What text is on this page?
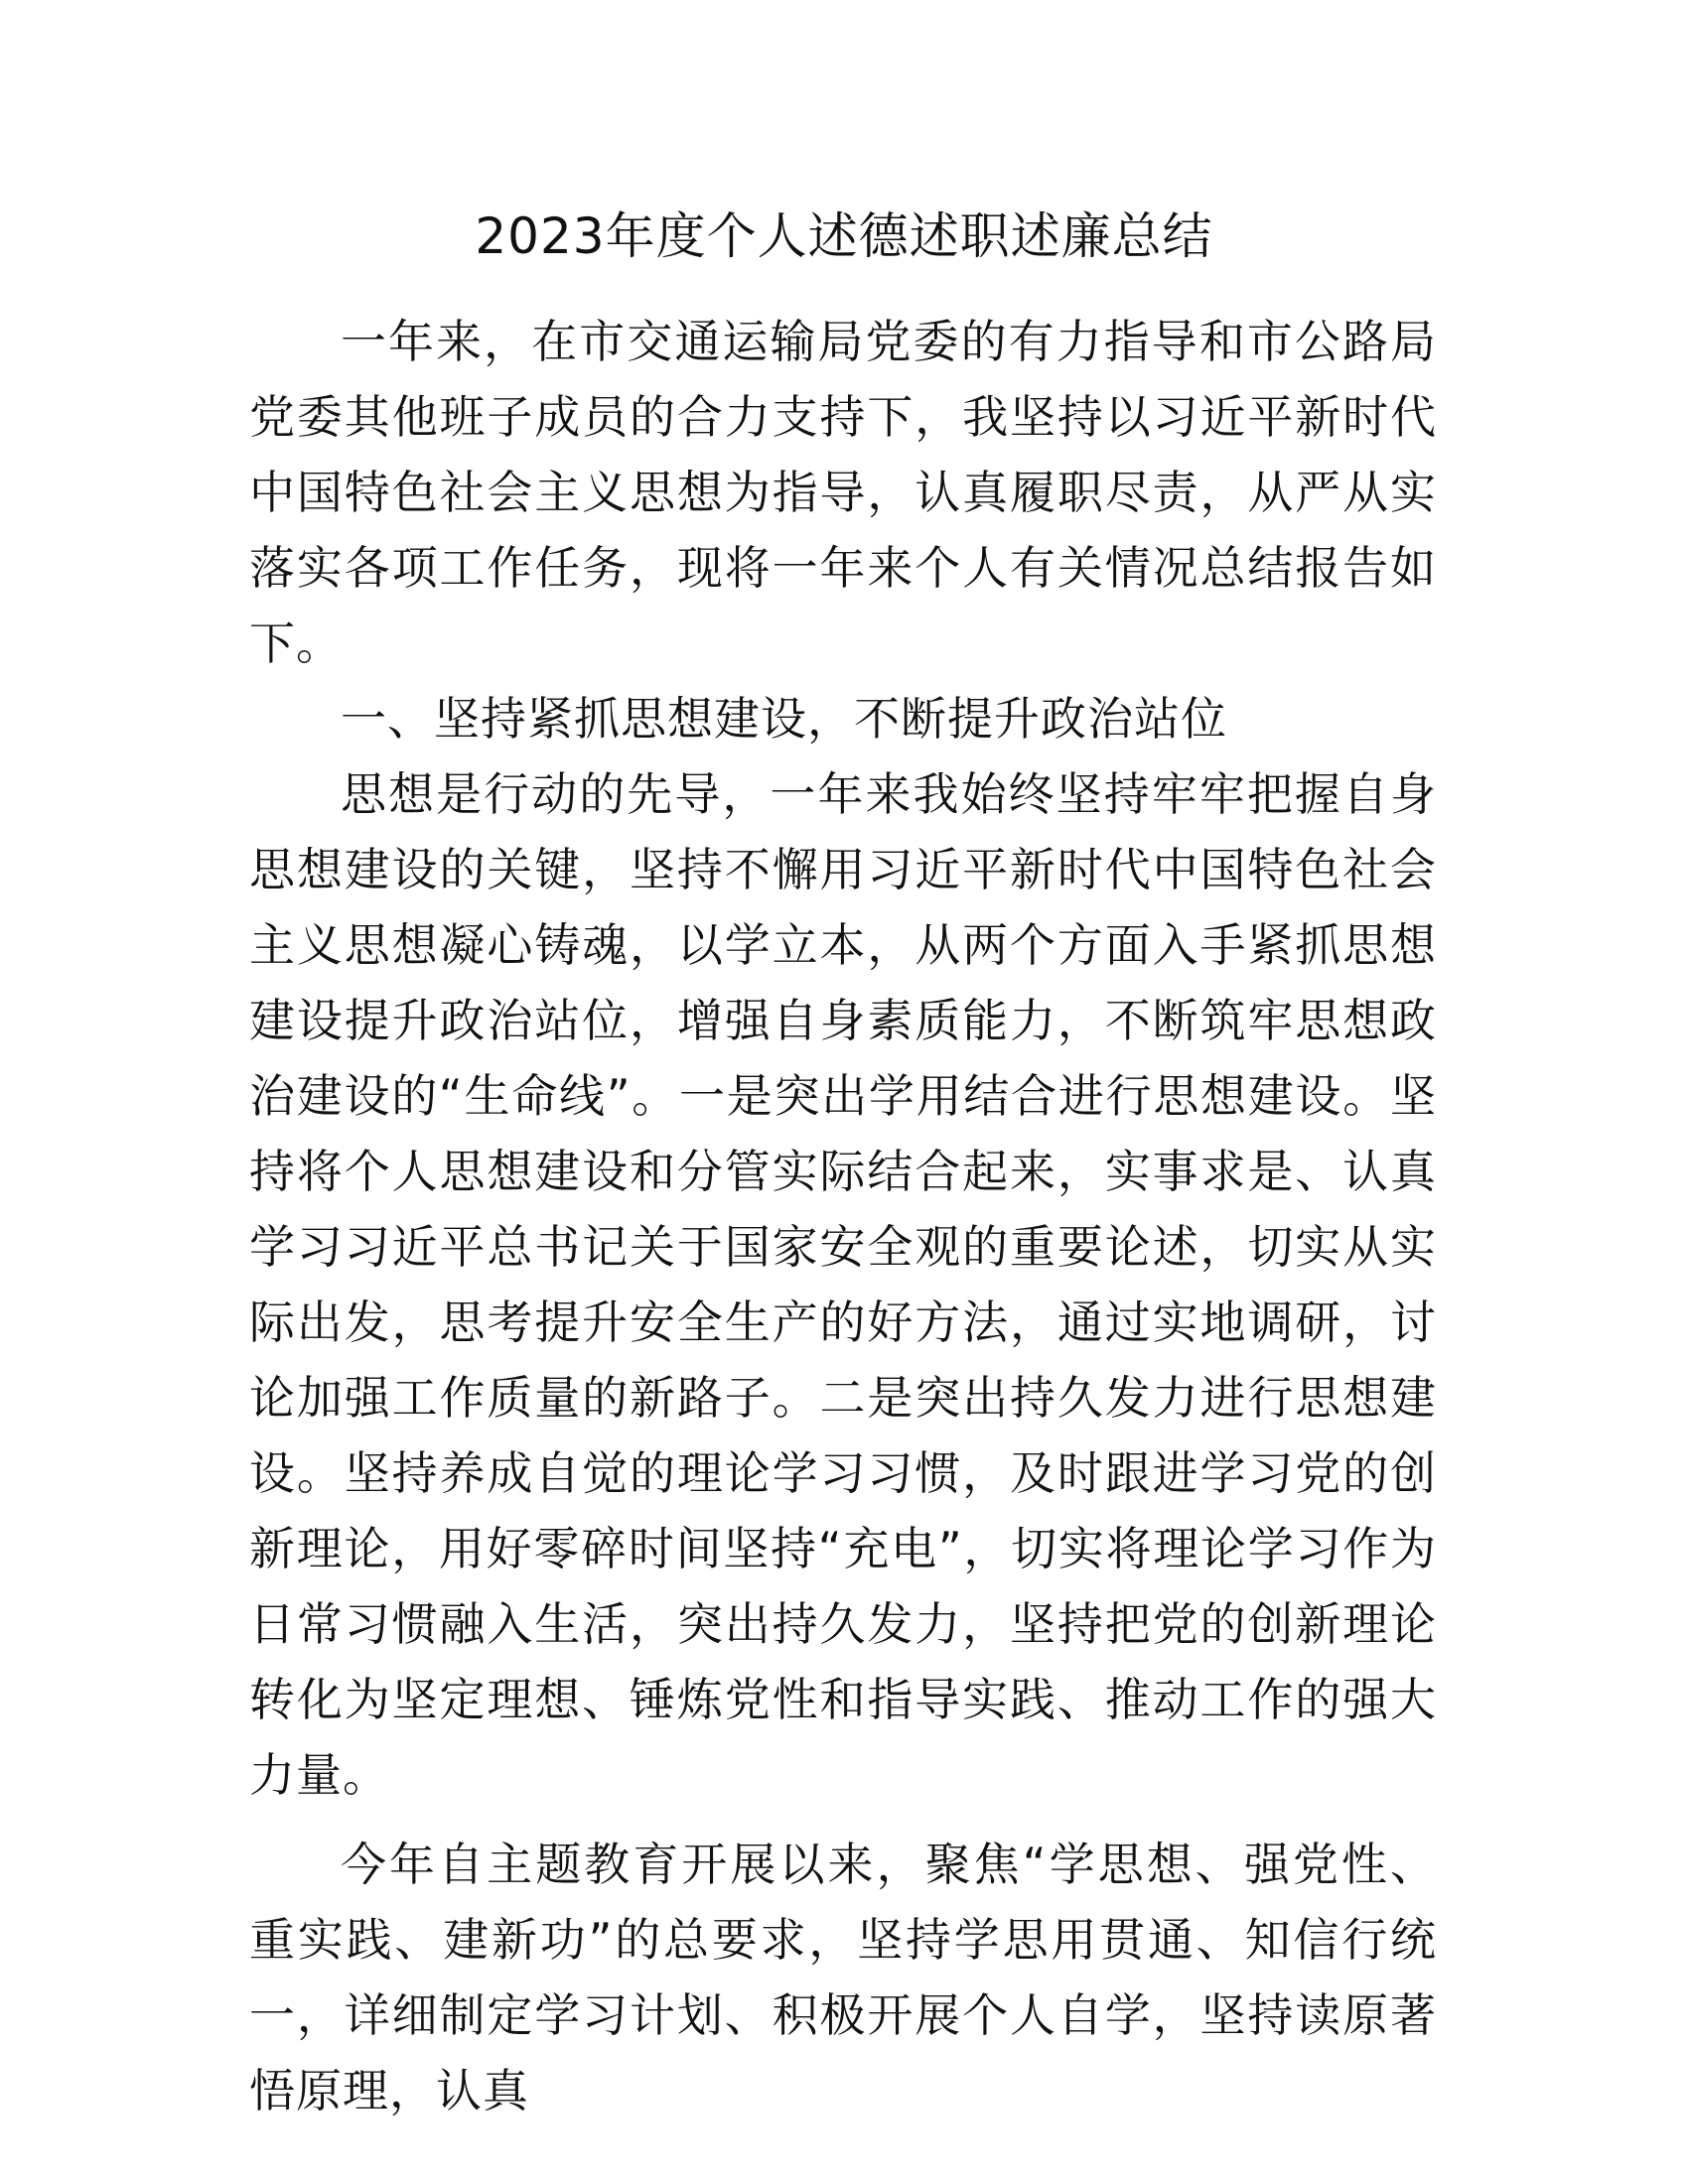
2023年度个人述德述职述廉总结

一年来，在市交通运输局党委的有力指导和市公路局党委其他班子成员的合力支持下，我坚持以习近平新时代中国特色社会主义思想为指导，认真履职尽责，从严从实落实各项工作任务，现将一年来个人有关情况总结报告如下。

一、坚持紧抓思想建设，不断提升政治站位

思想是行动的先导，一年来我始终坚持牢牢把握自身思想建设的关键，坚持不懈用习近平新时代中国特色社会主义思想凝心铸魂，以学立本，从两个方面入手紧抓思想建设提升政治站位，增强自身素质能力，不断筑牢思想政治建设的“生命线”。一是突出学用结合进行思想建设。坚持将个人思想建设和分管实际结合起来，实事求是、认真学习习近平总书记关于国家安全观的重要论述，切实从实际出发，思考提升安全生产的好方法，通过实地调研，讨论加强工作质量的新路子。二是突出持久发力进行思想建设。坚持养成自觉的理论学习习惯，及时跟进学习党的创新理论，用好零碎时间坚持“充电”，切实将理论学习作为日常习惯融入生活，突出持久发力，坚持把党的创新理论转化为坚定理想、锤炼党性和指导实践、推动工作的强大力量。

今年自主题教育开展以来，聚焦“学思想、强党性、重实践、建新功”的总要求，坚持学思用贯通、知信行统一，详细制定学习计划、积极开展个人自学，坚持读原著悟原理，认真
